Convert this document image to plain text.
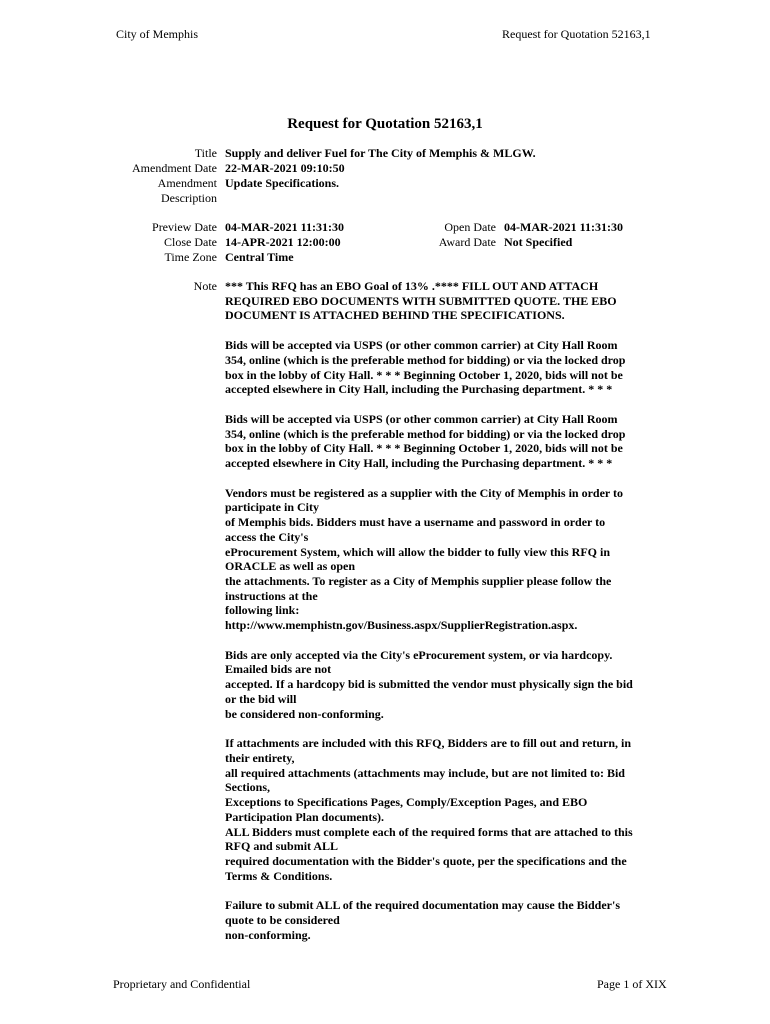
City of Memphis	Request for Quotation 52163,1
Request for Quotation 52163,1
Title Supply and deliver Fuel for The City of Memphis & MLGW.
Amendment Date 22-MAR-2021 09:10:50
Amendment
Description
Update Specifications.
Preview Date 04-MAR-2021 11:31:30	Open Date 04-MAR-2021 11:31:30
Close Date 14-APR-2021 12:00:00	Award Date Not Specified
Time Zone Central Time
Note *** This RFQ has an EBO Goal of 13% .**** FILL OUT AND ATTACH
REQUIRED EBO DOCUMENTS WITH SUBMITTED QUOTE. THE EBO
DOCUMENT IS ATTACHED BEHIND THE SPECIFICATIONS.
Bids will be accepted via USPS (or other common carrier) at City Hall Room
354, online (which is the preferable method for bidding) or via the locked drop
box in the lobby of City Hall. * * * Beginning October 1, 2020, bids will not be
accepted elsewhere in City Hall, including the Purchasing department. * * *
Bids will be accepted via USPS (or other common carrier) at City Hall Room
354, online (which is the preferable method for bidding) or via the locked drop
box in the lobby of City Hall. * * * Beginning October 1, 2020, bids will not be
accepted elsewhere in City Hall, including the Purchasing department. * * *
Vendors must be registered as a supplier with the City of Memphis in order to
participate in City
of Memphis bids. Bidders must have a username and password in order to
access the City's
eProcurement System, which will allow the bidder to fully view this RFQ in
ORACLE as well as open
the attachments. To register as a City of Memphis supplier please follow the
instructions at the
following link:
http://www.memphistn.gov/Business.aspx/SupplierRegistration.aspx.
Bids are only accepted via the City's eProcurement system, or via hardcopy.
Emailed bids are not
accepted. If a hardcopy bid is submitted the vendor must physically sign the bid
or the bid will
be considered non-conforming.
If attachments are included with this RFQ, Bidders are to fill out and return, in
their entirety,
all required attachments (attachments may include, but are not limited to: Bid
Sections,
Exceptions to Specifications Pages, Comply/Exception Pages, and EBO
Participation Plan documents).
ALL Bidders must complete each of the required forms that are attached to this
RFQ and submit ALL
required documentation with the Bidder's quote, per the specifications and the
Terms & Conditions.
Failure to submit ALL of the required documentation may cause the Bidder's
quote to be considered
non-conforming.
Proprietary and Confidential	Page 1 of XIX
